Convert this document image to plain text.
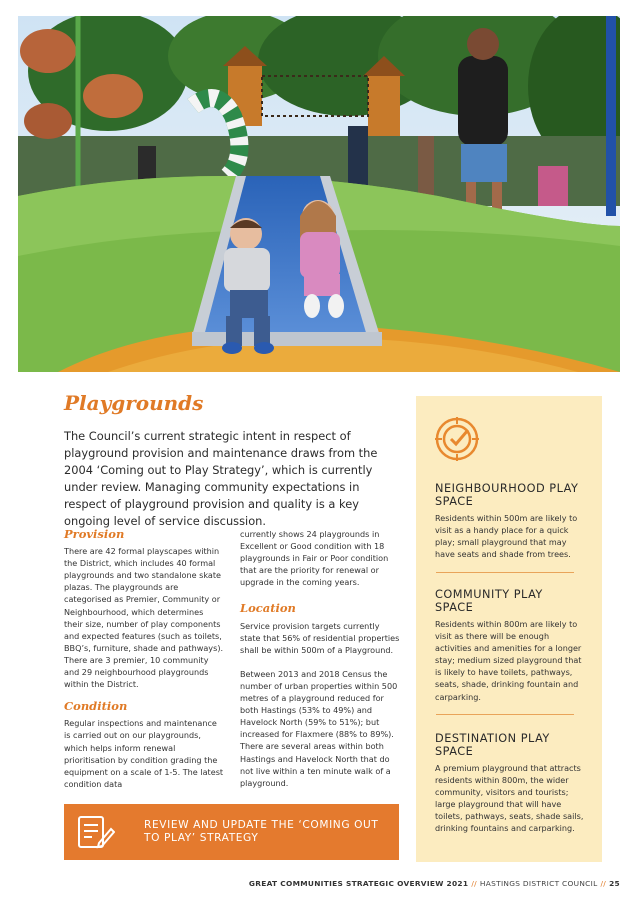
Playgrounds

The Council’s current strategic intent in respect of playground provision and maintenance draws from the 2004 ‘Coming out to Play Strategy’, which is currently under review. Managing community expectations in respect of playground provision and quality is a key ongoing level of service discussion.

Provision

There are 42 formal playscapes within the District, which includes 40 formal playgrounds and two standalone skate plazas. The playgrounds are categorised as Premier, Community or Neighbourhood, which determines their size, number of play components and expected features (such as toilets, BBQ’s, furniture, shade and pathways). There are 3 premier, 10 community and 29 neighbourhood playgrounds within the District.

Condition

Regular inspections and maintenance is carried out on our playgrounds, which helps inform renewal prioritisation by condition grading the equipment on a scale of 1-5. The latest condition data

currently shows 24 playgrounds in Excellent or Good condition with 18 playgrounds in Fair or Poor condition that are the priority for renewal or upgrade in the coming years.

Location

Service provision targets currently state that 56% of residential properties shall be within 500m of a Playground.

Between 2013 and 2018 Census the number of urban properties within 500 metres of a playground reduced for both Hastings (53% to 49%) and Havelock North (59% to 51%); but increased for Flaxmere (88% to 89%). There are several areas within both Hastings and Havelock North that do not live within a ten minute walk of a playground.

REVIEW AND UPDATE THE ‘COMING OUT TO PLAY’ STRATEGY
NEIGHBOURHOOD PLAY SPACE

Residents within 500m are likely to visit as a handy place for a quick play; small playground that may have seats and shade from trees.

COMMUNITY PLAY SPACE

Residents within 800m are likely to visit as there will be enough activities and amenities for a longer stay; medium sized playground that is likely to have toilets, pathways, seats, shade, drinking fountain and carparking.

DESTINATION PLAY SPACE

A premium playground that attracts residents within 800m, the wider community, visitors and tourists; large playground that will have toilets, pathways, seats, shade sails, drinking fountains and carparking.

GREAT COMMUNITIES STRATEGIC OVERVIEW 2021 // HASTINGS DISTRICT COUNCIL // 25
